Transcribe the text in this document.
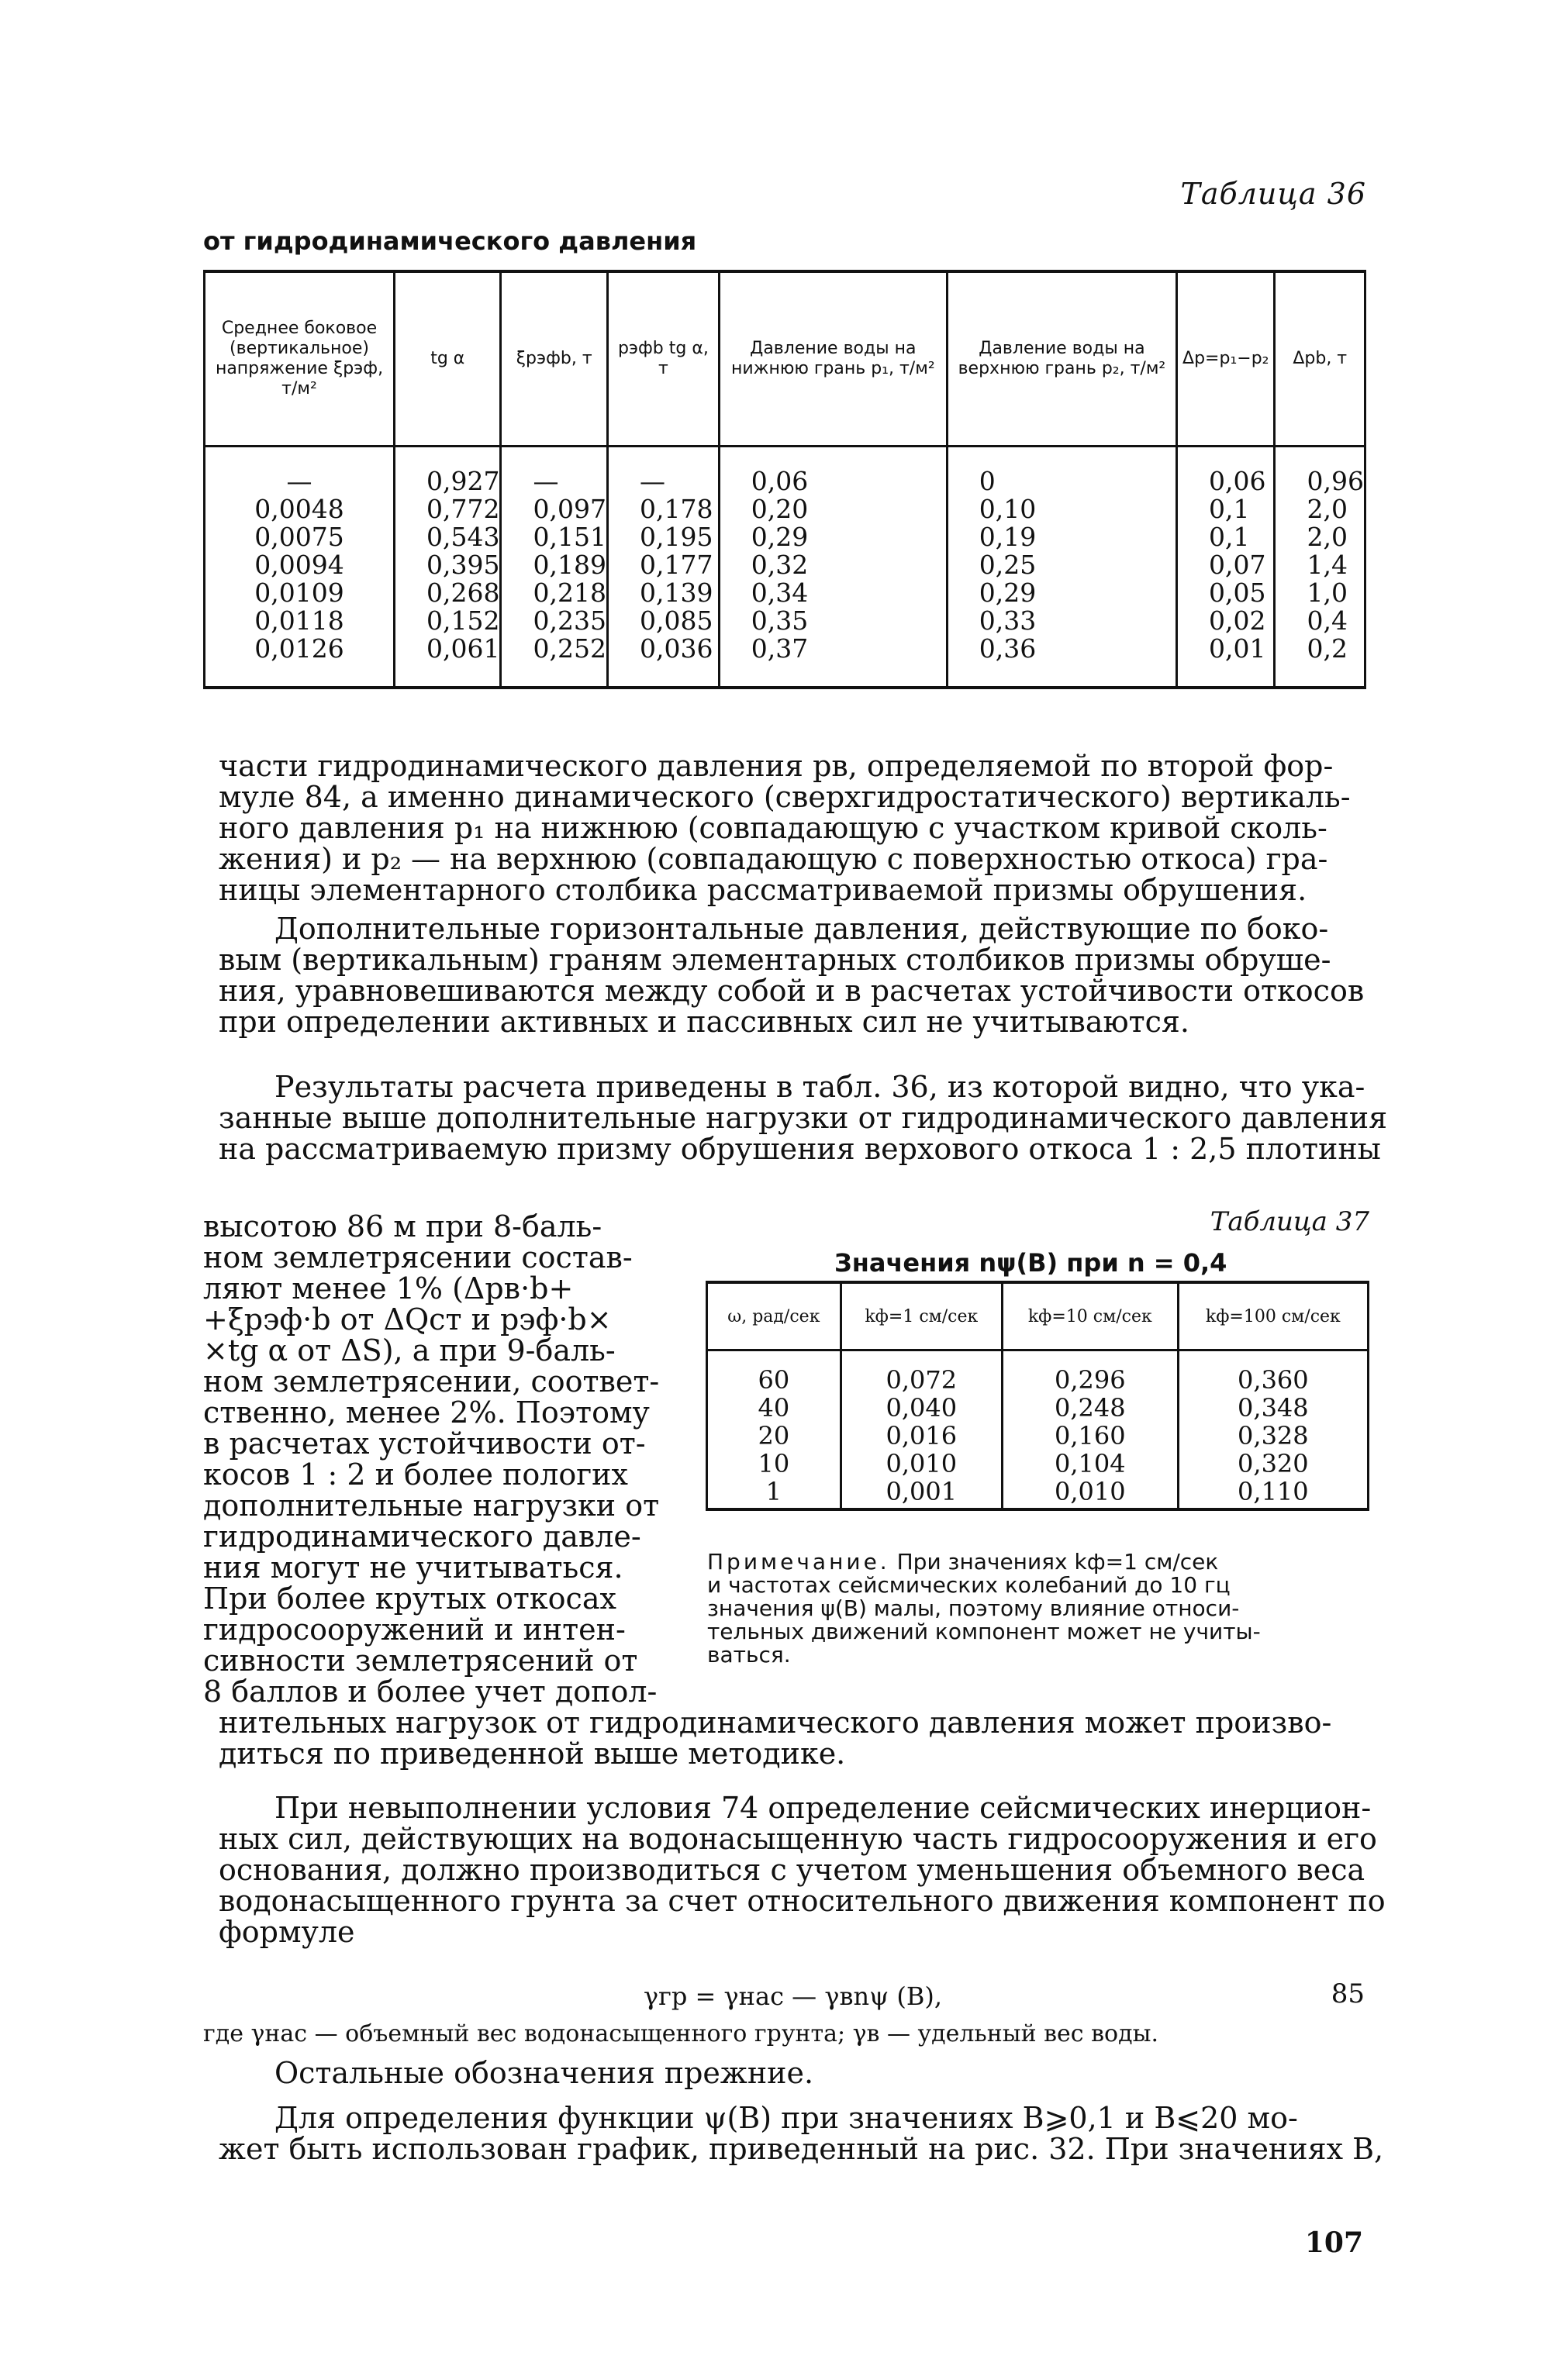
Таблица 36
от гидродинамического давления
Среднее боковое (вертикальное) напряжение ξpэф, т/м²	tg α	ξpэфb, т	pэфb tg α, т	Давление воды на нижнюю грань p₁, т/м²	Давление воды на верхнюю грань p₂, т/м²	Δp=p₁−p₂	Δpb, т
—	0,927	—	—	0,06	0	0,06	0,96
0,0048	0,772	0,097	0,178	0,20	0,10	0,1	2,0
0,0075	0,543	0,151	0,195	0,29	0,19	0,1	2,0
0,0094	0,395	0,189	0,177	0,32	0,25	0,07	1,4
0,0109	0,268	0,218	0,139	0,34	0,29	0,05	1,0
0,0118	0,152	0,235	0,085	0,35	0,33	0,02	0,4
0,0126	0,061	0,252	0,036	0,37	0,36	0,01	0,2
части гидродинамического давления pв, определяемой по второй фор-
муле 84, а именно динамического (сверхгидростатического) вертикаль-
ного давления p₁ на нижнюю (совпадающую с участком кривой сколь-
жения) и p₂ — на верхнюю (совпадающую с поверхностью откоса) гра-
ницы элементарного столбика рассматриваемой призмы обрушения.
Дополнительные горизонтальные давления, действующие по боко-
вым (вертикальным) граням элементарных столбиков призмы обруше-
ния, уравновешиваются между собой и в расчетах устойчивости откосов
при определении активных и пассивных сил не учитываются.
Результаты расчета приведены в табл. 36, из которой видно, что ука-
занные выше дополнительные нагрузки от гидродинамического давления
на рассматриваемую призму обрушения верхового откоса 1 : 2,5 плотины
высотою 86 м при 8-баль-
ном землетрясении состав-
ляют менее 1% (Δpв·b+
+ξpэф·b от ΔQст и pэф·b×
×tg α от ΔS), а при 9-баль-
ном землетрясении, соответ-
ственно, менее 2%. Поэтому
в расчетах устойчивости от-
косов 1 : 2 и более пологих
дополнительные нагрузки от
гидродинамического давле-
ния могут не учитываться.
При более крутых откосах
гидросооружений и интен-
сивности землетрясений от
8 баллов и более учет допол-
Таблица 37
Значения nψ(B) при n = 0,4
ω, рад/сек	kф=1 см/сек	kф=10 см/сек	kф=100 см/сек
60	0,072	0,296	0,360
40	0,040	0,248	0,348
20	0,016	0,160	0,328
10	0,010	0,104	0,320
1	0,001	0,010	0,110
Примечание. При значениях kф=1 см/сек
и частотах сейсмических колебаний до 10 гц
значения ψ(B) малы, поэтому влияние относи-
тельных движений компонент может не учиты-
ваться.
нительных нагрузок от гидродинамического давления может произво-
диться по приведенной выше методике.
При невыполнении условия 74 определение сейсмических инерцион-
ных сил, действующих на водонасыщенную часть гидросооружения и его
основания, должно производиться с учетом уменьшения объемного веса
водонасыщенного грунта за счет относительного движения компонент по
формуле
γгр = γнас — γвnψ (B),	85
где γнас — объемный вес водонасыщенного грунта; γв — удельный вес воды.
Остальные обозначения прежние.
Для определения функции ψ(B) при значениях B⩾0,1 и B⩽20 мо-
жет быть использован график, приведенный на рис. 32. При значениях B,
107
